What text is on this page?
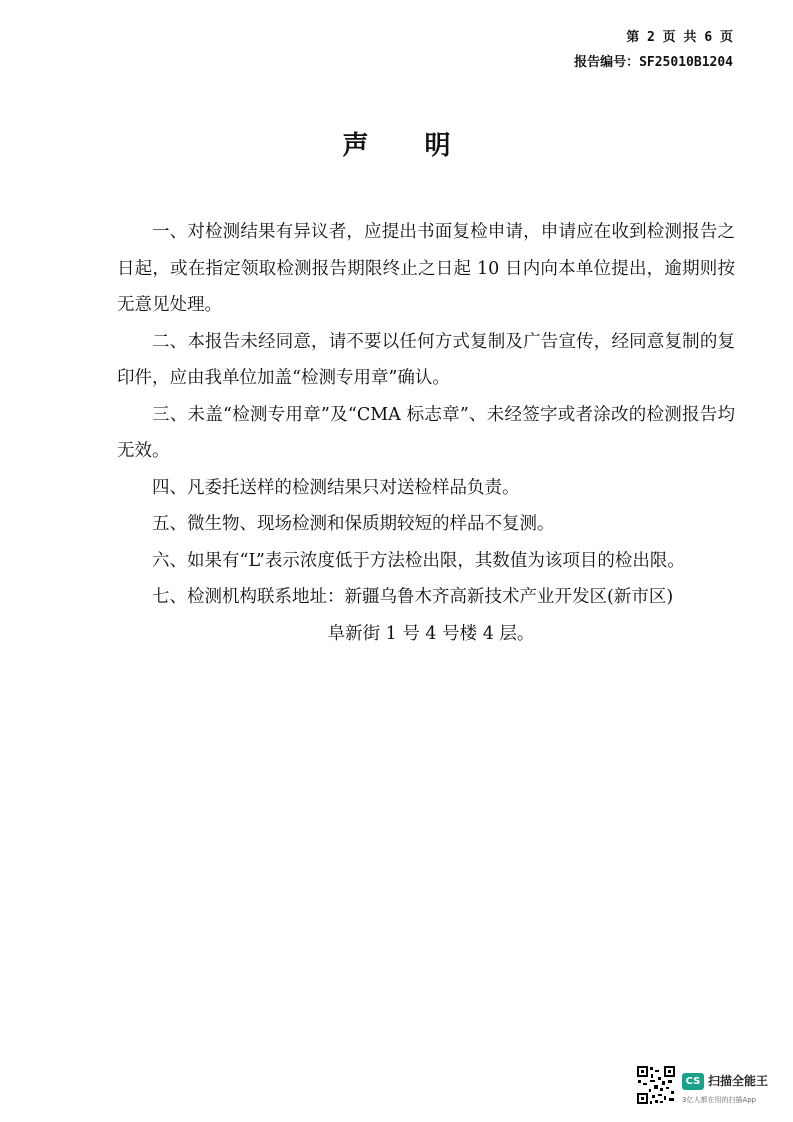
第 2 页 共 6 页
报告编号：SF25010B1204
声明

一、对检测结果有异议者，应提出书面复检申请，申请应在收到检测报告之日起，或在指定领取检测报告期限终止之日起 10 日内向本单位提出，逾期则按无意见处理。

二、本报告未经同意，请不要以任何方式复制及广告宣传，经同意复制的复印件，应由我单位加盖“检测专用章”确认。

三、未盖“检测专用章”及“CMA 标志章”、未经签字或者涂改的检测报告均无效。

四、凡委托送样的检测结果只对送检样品负责。

五、微生物、现场检测和保质期较短的样品不复测。

六、如果有“L”表示浓度低于方法检出限，其数值为该项目的检出限。

七、检测机构联系地址：新疆乌鲁木齐高新技术产业开发区(新市区)

阜新街 1 号 4 号楼 4 层。

CS 扫描全能王
3亿人都在用的扫描App
